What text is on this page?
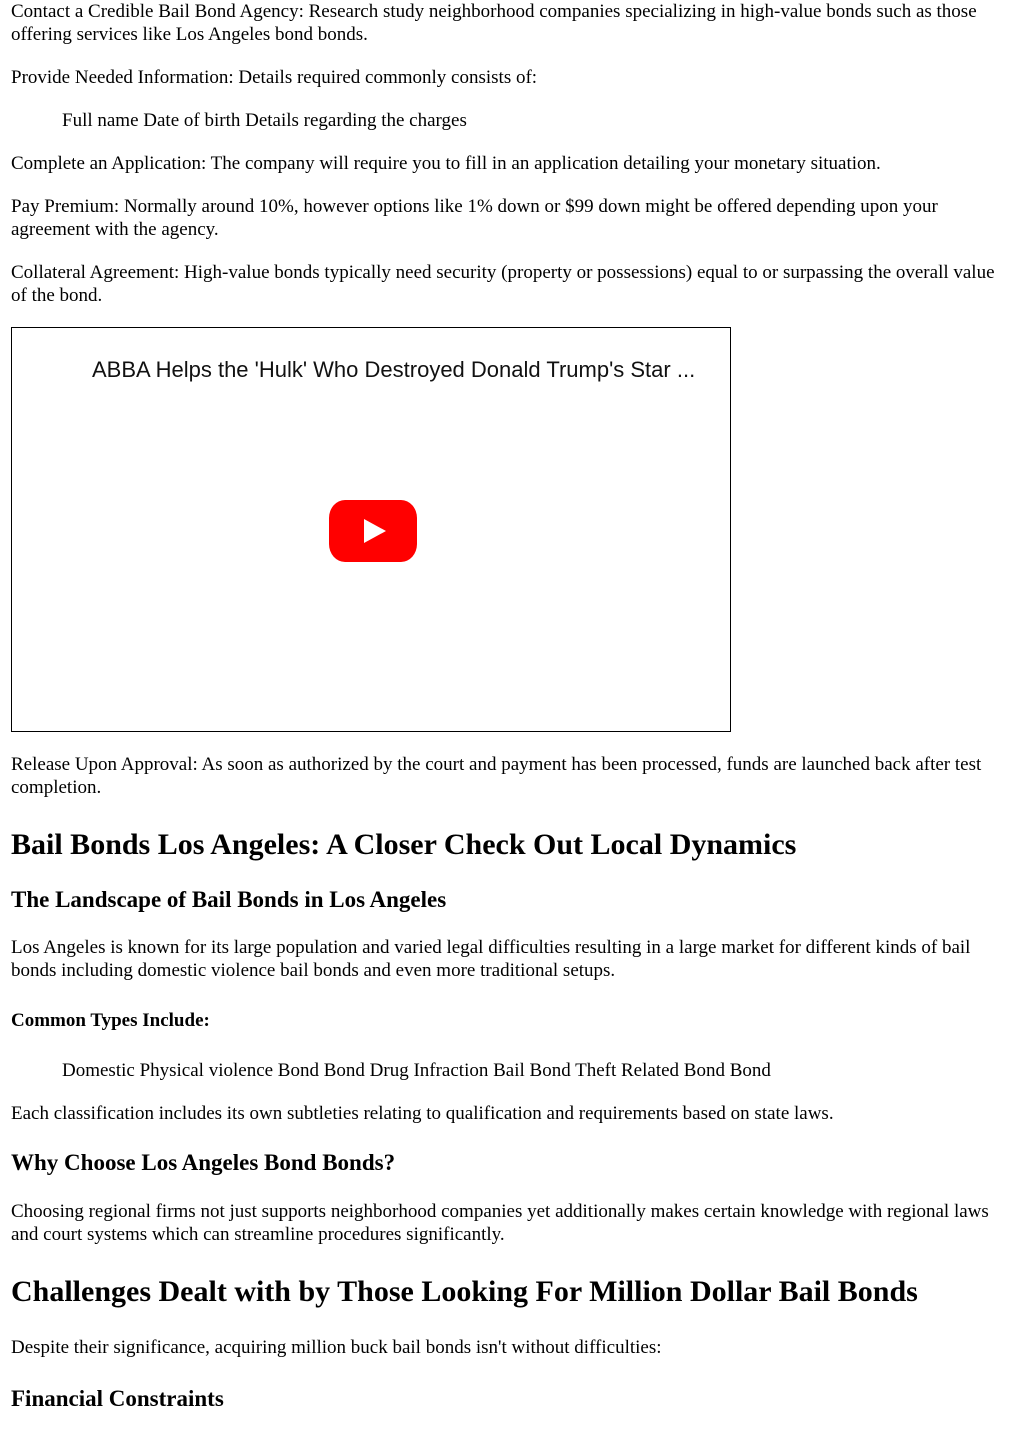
Contact a Credible Bail Bond Agency: Research study neighborhood companies specializing in high-value bonds such as those offering services like Los Angeles bond bonds.

Provide Needed Information: Details required commonly consists of:

Full name Date of birth Details regarding the charges

Complete an Application: The company will require you to fill in an application detailing your monetary situation.

Pay Premium: Normally around 10%, however options like 1% down or $99 down might be offered depending upon your agreement with the agency.

Collateral Agreement: High-value bonds typically need security (property or possessions) equal to or surpassing the overall value of the bond.

ABBA Helps the 'Hulk' Who Destroyed Donald Trump's Star ...

Release Upon Approval: As soon as authorized by the court and payment has been processed, funds are launched back after test completion.

Bail Bonds Los Angeles: A Closer Check Out Local Dynamics
The Landscape of Bail Bonds in Los Angeles

Los Angeles is known for its large population and varied legal difficulties resulting in a large market for different kinds of bail bonds including domestic violence bail bonds and even more traditional setups.

Common Types Include:

Domestic Physical violence Bond Bond Drug Infraction Bail Bond Theft Related Bond Bond

Each classification includes its own subtleties relating to qualification and requirements based on state laws.

Why Choose Los Angeles Bond Bonds?

Choosing regional firms not just supports neighborhood companies yet additionally makes certain knowledge with regional laws and court systems which can streamline procedures significantly.

Challenges Dealt with by Those Looking For Million Dollar Bail Bonds

Despite their significance, acquiring million buck bail bonds isn't without difficulties:

Financial Constraints
